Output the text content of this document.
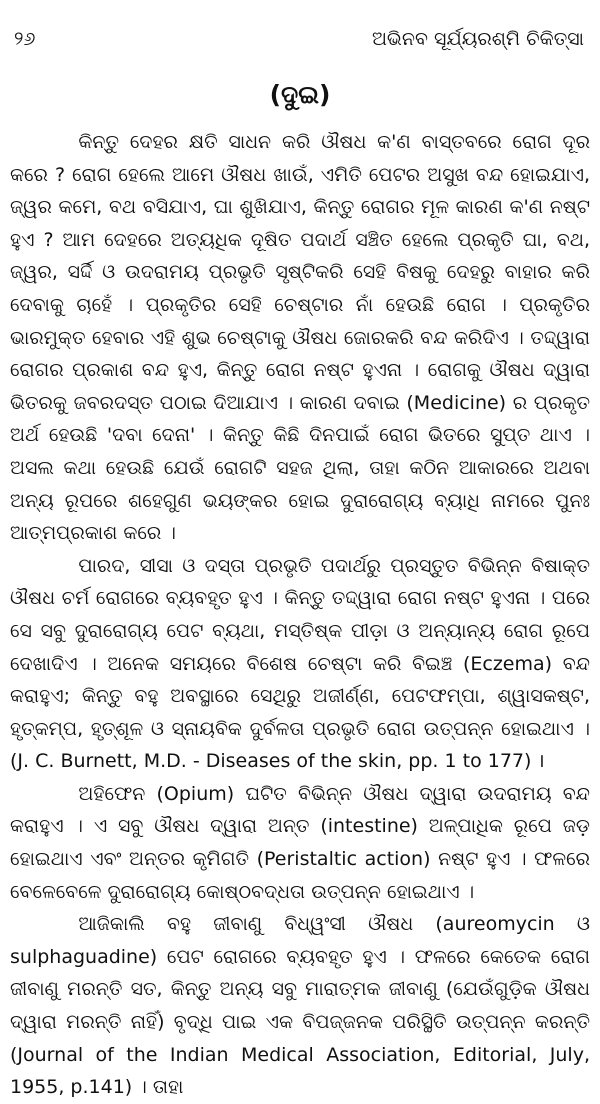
୨୬	ଅଭିନବ ସୂର୍ଯ୍ୟରଶ୍ମି ଚିକିତ୍ସା
(ଦୁଇ)

କିନ୍ତୁ ଦେହର କ୍ଷତି ସାଧନ କରି ଔଷଧ କ'ଣ ବାସ୍ତବରେ ରୋଗ ଦୂର କରେ ? ରୋଗ ହେଲେ ଆମେ ଔଷଧ ଖାଉଁ, ଏମିତି ପେଟର ଅସୁଖ ବନ୍ଦ ହୋଇଯାଏ, ଜ୍ୱର କମେ, ବଥ ବସିଯାଏ, ଘା ଶୁଖିଯାଏ, କିନ୍ତୁ ରୋଗର ମୂଳ କାରଣ କ'ଣ ନଷ୍ଟ ହୁଏ ? ଆମ ଦେହରେ ଅତ୍ୟଧିକ ଦୂଷିତ ପଦାର୍ଥ ସଞ୍ଚିତ ହେଲେ ପ୍ରକୃତି ଘା, ବଥ, ଜ୍ୱର, ସର୍ଦ୍ଦି ଓ ଉଦରାମୟ ପ୍ରଭୃତି ସୃଷ୍ଟିକରି ସେହି ବିଷକୁ ଦେହରୁ ବାହାର କରି ଦେବାକୁ ଚାହେଁ । ପ୍ରକୃତିର ସେହି ଚେଷ୍ଟାର ନାଁ ହେଉଛି ରୋଗ । ପ୍ରକୃତିର ଭାରମୁକ୍ତ ହେବାର ଏହି ଶୁଭ ଚେଷ୍ଟାକୁ ଔଷଧ ଜୋରକରି ବନ୍ଦ କରିଦିଏ । ତଦ୍ଦ୍ୱାରା ରୋଗର ପ୍ରକାଶ ବନ୍ଦ ହୁଏ, କିନ୍ତୁ ରୋଗ ନଷ୍ଟ ହୁଏନା । ରୋଗକୁ ଔଷଧ ଦ୍ୱାରା ଭିତରକୁ ଜବରଦସ୍ତ ପଠାଇ ଦିଆଯାଏ । କାରଣ ଦବାଇ (Medicine) ର ପ୍ରକୃତ ଅର୍ଥ ହେଉଛି 'ଦବା ଦେନା' । କିନ୍ତୁ କିଛି ଦିନପାଇଁ ରୋଗ ଭିତରେ ସୁପ୍ତ ଥାଏ । ଅସଲ କଥା ହେଉଛି ଯେଉଁ ରୋଗଟି ସହଜ ଥିଲା, ତାହା କଠିନ ଆକାରରେ ଅଥବା ଅନ୍ୟ ରୂପରେ ଶହେଗୁଣ ଭୟଙ୍କର ହୋଇ ଦୁରାରୋଗ୍ୟ ବ୍ୟାଧି ନାମରେ ପୁନଃ ଆତ୍ମପ୍ରକାଶ କରେ ।

ପାରଦ, ସୀସା ଓ ଦସ୍ତା ପ୍ରଭୃତି ପଦାର୍ଥରୁ ପ୍ରସ୍ତୁତ ବିଭିନ୍ନ ବିଷାକ୍ତ ଔଷଧ ଚର୍ମ ରୋଗରେ ବ୍ୟବହୃତ ହୁଏ । କିନ୍ତୁ ତଦ୍ଦ୍ୱାରା ରୋଗ ନଷ୍ଟ ହୁଏନା । ପରେ ସେ ସବୁ ଦୁରାରୋଗ୍ୟ ପେଟ ବ୍ୟଥା, ମସ୍ତିଷ୍କ ପୀଡ଼ା ଓ ଅନ୍ୟାନ୍ୟ ରୋଗ ରୂପେ ଦେଖାଦିଏ । ଅନେକ ସମୟରେ ବିଶେଷ ଚେଷ୍ଟା କରି ବିଇଞ୍ଚ (Eczema) ବନ୍ଦ କରାହୁଏ; କିନ୍ତୁ ବହୁ ଅବସ୍ଥାରେ ସେଥିରୁ ଅଜୀର୍ଣ୍ଣ, ପେଟଫମ୍ପା, ଶ୍ୱାସକଷ୍ଟ, ହୃତ୍‌କମ୍ପ, ହୃତ୍‌ଶୂଳ ଓ ସ୍ନାୟବିକ ଦୁର୍ବଳତା ପ୍ରଭୃତି ରୋଗ ଉତ୍ପନ୍ନ ହୋଇଥାଏ । (J. C. Burnett, M.D. - Diseases of the skin, pp. 1 to 177) ।

ଅହିଫେନ (Opium) ଘଟିତ ବିଭିନ୍ନ ଔଷଧ ଦ୍ୱାରା ଉଦରାମୟ ବନ୍ଦ କରାହୁଏ । ଏ ସବୁ ଔଷଧ ଦ୍ୱାରା ଅନ୍ତ (intestine) ଅଳ୍ପାଧିକ ରୂପେ ଜଡ଼ ହୋଇଥାଏ ଏବଂ ଅନ୍ତର କୃମିଗତି (Peristaltic action) ନଷ୍ଟ ହୁଏ । ଫଳରେ ବେଳେବେଳେ ଦୁରାରୋଗ୍ୟ କୋଷ୍ଠବଦ୍ଧତା ଉତ୍ପନ୍ନ ହୋଇଥାଏ ।

ଆଜିକାଲି ବହୁ ଜୀବାଣୁ ବିଧ୍ୱଂସୀ ଔଷଧ (aureomycin ଓ sulphaguadine) ପେଟ ରୋଗରେ ବ୍ୟବହୃତ ହୁଏ । ଫଳରେ କେତେକ ରୋଗ ଜୀବାଣୁ ମରନ୍ତି ସତ, କିନ୍ତୁ ଅନ୍ୟ ସବୁ ମାରାତ୍ମକ ଜୀବାଣୁ (ଯେଉଁଗୁଡ଼ିକ ଔଷଧ ଦ୍ୱାରା ମରନ୍ତି ନାହିଁ) ବୃଦ୍ଧି ପାଇ ଏକ ବିପଜ୍ଜନକ ପରିସ୍ଥିତି ଉତ୍ପନ୍ନ କରନ୍ତି (Journal of the Indian Medical Association, Editorial, July, 1955, p.141) । ତାହା
